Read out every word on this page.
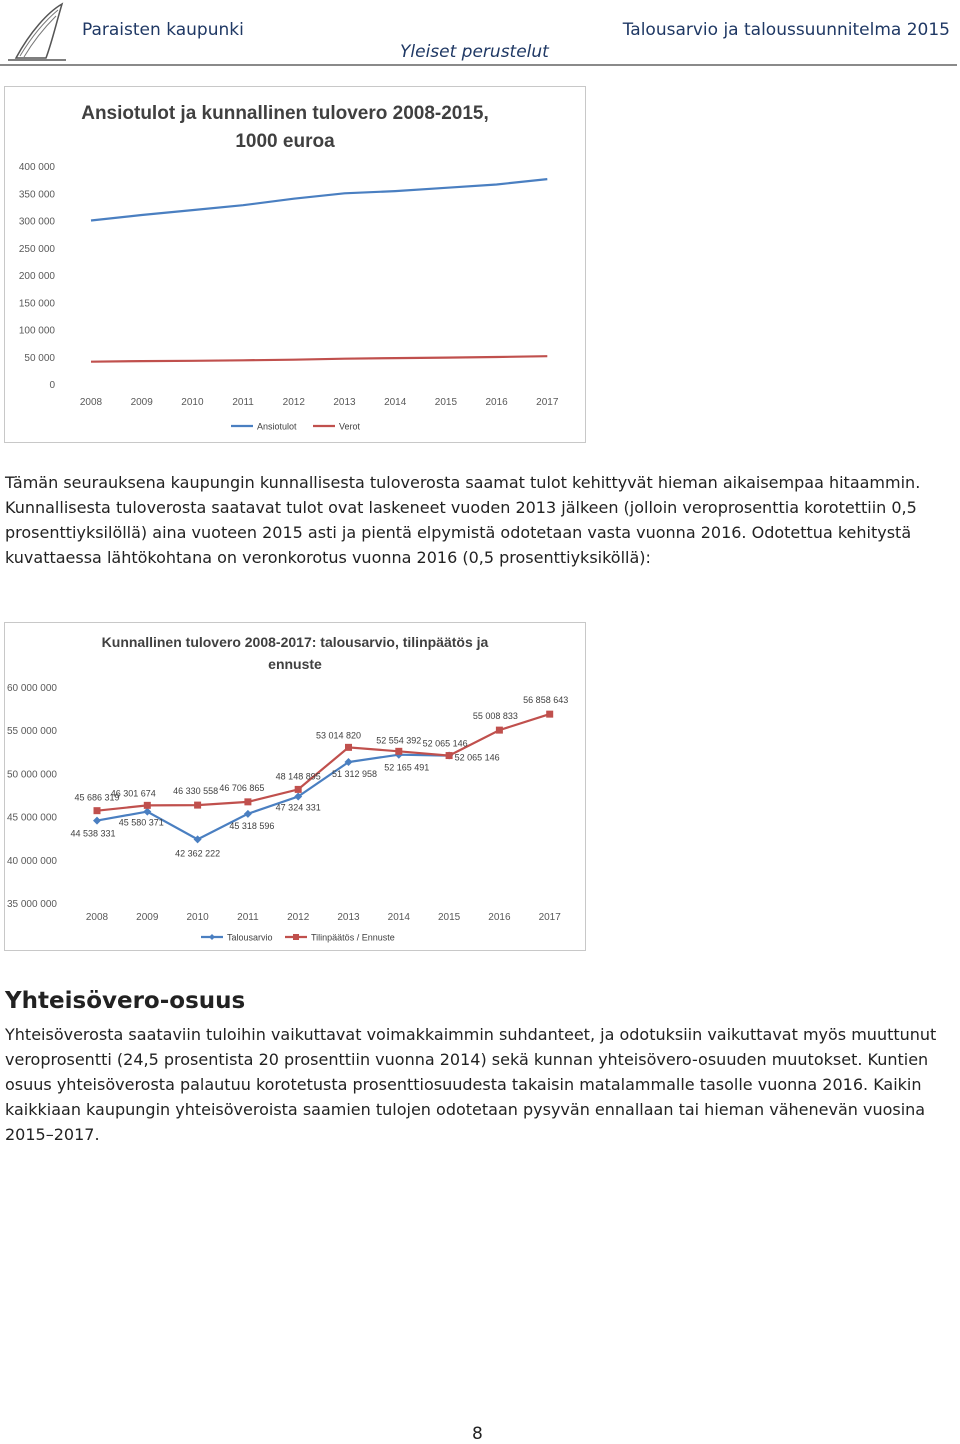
Paraisten kaupunki	Talousarvio ja taloussuunnitelma 2015
Yleiset perustelut
Ansiotulot ja kunnallinen tulovero 2008-2015,
1000 euroa
0
50 000
100 000
150 000
200 000
250 000
300 000
350 000
400 000
2008	2009	2010	2011	2012	2013	2014	2015	2016	2017
Ansiotulot	Verot
Tämän seurauksena kaupungin kunnallisesta tuloverosta saamat tulot kehittyvät hieman aikaisempaa hitaammin. Kunnallisesta tuloverosta saatavat tulot ovat laskeneet vuoden 2013 jälkeen (jolloin veroprosenttia korotettiin 0,5 prosenttiyksilöllä) aina vuoteen 2015 asti ja pientä elpymistä odotetaan vasta vuonna 2016. Odotettua kehitystä kuvattaessa lähtökohtana on veronkorotus vuonna 2016 (0,5 prosenttiyksiköllä):
Kunnallinen tulovero 2008-2017: talousarvio, tilinpäätös ja
ennuste
35 000 000
40 000 000
45 000 000
50 000 000
55 000 000
60 000 000
2008	2009	2010	2011	2012	2013	2014	2015	2016	2017
44 538 331
45 580 371
42 362 222
45 318 596
47 324 331
51 312 958
52 165 491
52 065 146
45 686 319
46 301 674 46 330 558 46 706 865
48 148 895
53 014 820 52 554 392 52 065 146
55 008 833
56 858 643
Talousarvio	Tilinpäätös / Ennuste
Yhteisövero-osuus
Yhteisöverosta saataviin tuloihin vaikuttavat voimakkaimmin suhdanteet, ja odotuksiin vaikuttavat myös muuttunut veroprosentti (24,5 prosentista 20 prosenttiin vuonna 2014) sekä kunnan yhteisövero-osuuden muutokset. Kuntien osuus yhteisöverosta palautuu korotetusta prosenttiosuudesta takaisin matalammalle tasolle vuonna 2016. Kaikin kaikkiaan kaupungin yhteisöveroista saamien tulojen odotetaan pysyvän ennallaan tai hieman vähenevän vuosina 2015–2017.
8
